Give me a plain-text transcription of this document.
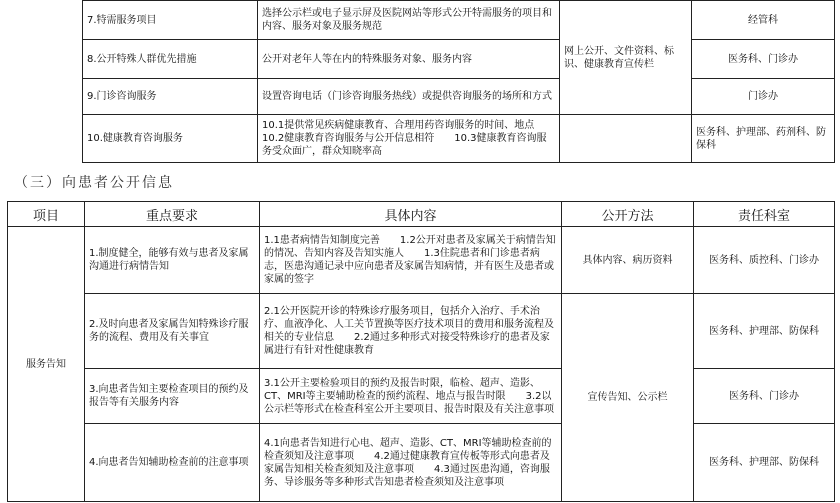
7.特需服务项目	选择公示栏或电子显示屏及医院网站等形式公开特需服务的项目和内容、服务对象及服务规范	网上公开、文件资料、标识、健康教育宣传栏	经管科
8.公开特殊人群优先措施	公开对老年人等在内的特殊服务对象、服务内容		医务科、门诊办
9.门诊咨询服务	设置咨询电话（门诊咨询服务热线）或提供咨询服务的场所和方式		门诊办
10.健康教育咨询服务	10.1提供常见疾病健康教育、合理用药咨询服务的时间、地点　　10.2健康教育咨询服务与公开信息相符　　10.3健康教育咨询服务受众面广，群众知晓率高		医务科、护理部、药剂科、防保科
（三）向患者公开信息
项目	重点要求	具体内容	公开方法	责任科室
服务告知	1.制度健全，能够有效与患者及家属沟通进行病情告知	1.1患者病情告知制度完善　　1.2公开对患者及家属关于病情告知的情况、告知内容及告知实施人　　1.3住院患者和门诊患者病志，医患沟通记录中应向患者及家属告知病情，并有医生及患者或家属的签字	具体内容、病历资料	医务科、质控科、门诊办
	2.及时向患者及家属告知特殊诊疗服务的流程、费用及有关事宜	2.1公开医院开诊的特殊诊疗服务项目，包括介入治疗、手术治疗、血液净化、人工关节置换等医疗技术项目的费用和服务流程及相关的专业信息　　2.2通过多种形式对接受特殊诊疗的患者及家属进行有针对性健康教育	宣传告知、公示栏	医务科、护理部、防保科
	3.向患者告知主要检查项目的预约及报告等有关服务内容	3.1公开主要检验项目的预约及报告时限，临检、超声、造影、CT、MRI等主要辅助检查的预约流程、地点与报告时限　　3.2以公示栏等形式在检查科室公开主要项目、报告时限及有关注意事项		医务科、门诊办
	4.向患者告知辅助检查前的注意事项	4.1向患者告知进行心电、超声、造影、CT、MRI等辅助检查前的检查须知及注意事项　　4.2通过健康教育宣传板等形式向患者及家属告知相关检查须知及注意事项　　4.3通过医患沟通，咨询服务、导诊服务等多种形式告知患者检查须知及注意事项		医务科、护理部、防保科
